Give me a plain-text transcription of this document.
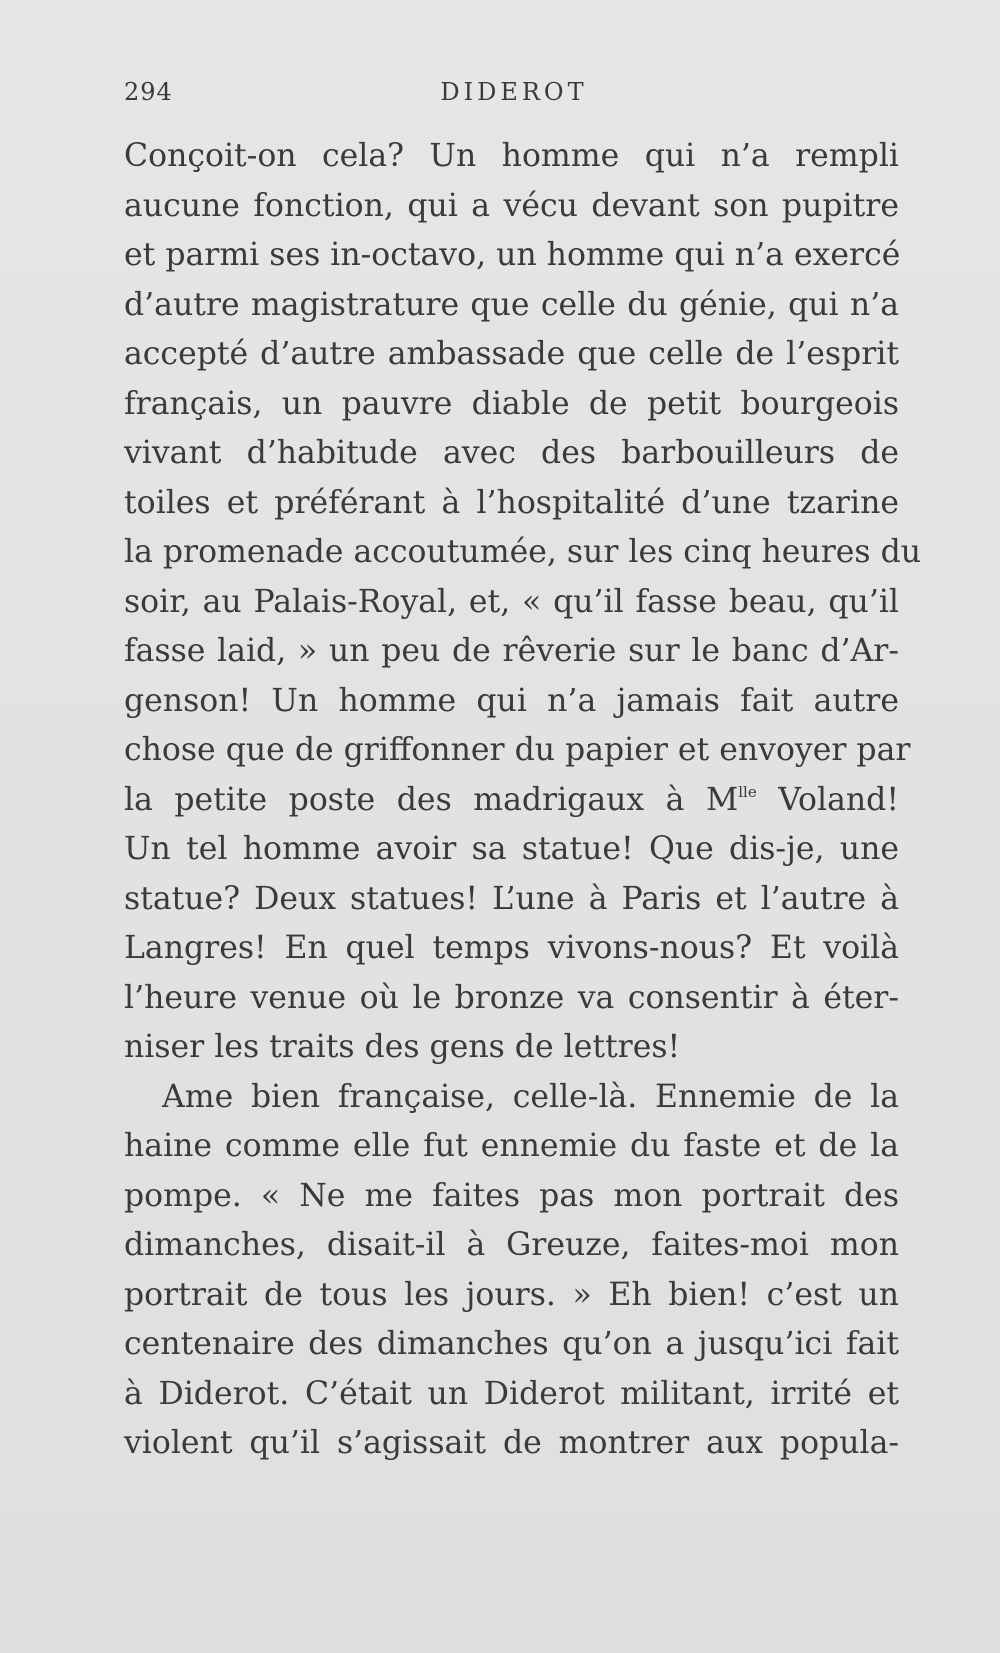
294	DIDEROT
Conçoit-on cela? Un homme qui n’a rempli
aucune fonction, qui a vécu devant son pupitre
et parmi ses in-octavo, un homme qui n’a exercé
d’autre magistrature que celle du génie, qui n’a
accepté d’autre ambassade que celle de l’esprit
français, un pauvre diable de petit bourgeois
vivant d’habitude avec des barbouilleurs de
toiles et préférant à l’hospitalité d’une tzarine
la promenade accoutumée, sur les cinq heures du
soir, au Palais-Royal, et, « qu’il fasse beau, qu’il
fasse laid, » un peu de rêverie sur le banc d’Ar-
genson! Un homme qui n’a jamais fait autre
chose que de griffonner du papier et envoyer par
la petite poste des madrigaux à $M^{lle}$ Voland!
Un tel homme avoir sa statue! Que dis-je, une
statue? Deux statues! L’une à Paris et l’autre à
Langres! En quel temps vivons-nous? Et voilà
l’heure venue où le bronze va consentir à éter-
niser les traits des gens de lettres!
Ame bien française, celle-là. Ennemie de la
haine comme elle fut ennemie du faste et de la
pompe. « Ne me faites pas mon portrait des
dimanches, disait-il à Greuze, faites-moi mon
portrait de tous les jours. » Eh bien! c’est un
centenaire des dimanches qu’on a jusqu’ici fait
à Diderot. C’était un Diderot militant, irrité et
violent qu’il s’agissait de montrer aux popula-
